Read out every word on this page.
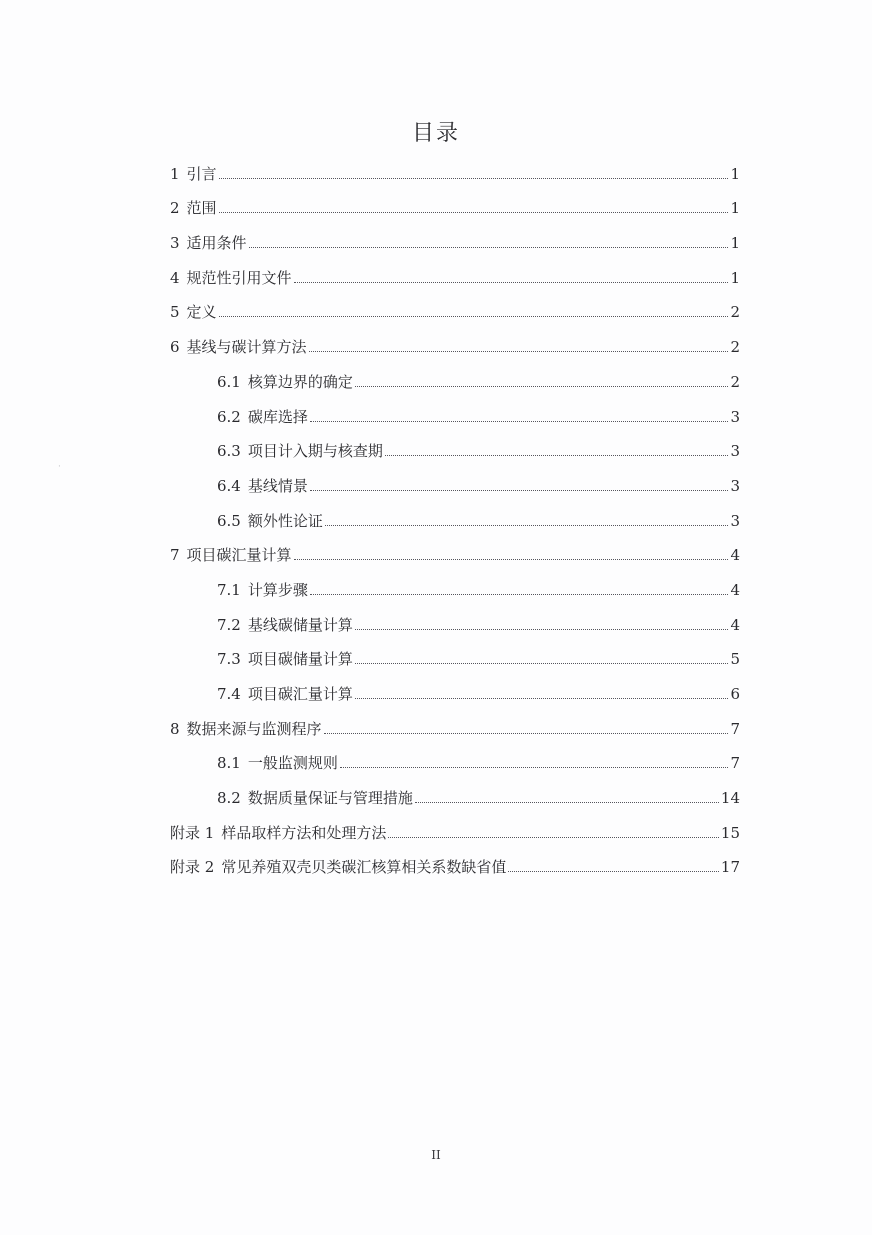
目录
1 引言	1
2 范围	1
3 适用条件	1
4 规范性引用文件	1
5 定义	2
6 基线与碳计算方法	2
6.1 核算边界的确定	2
6.2 碳库选择	3
6.3 项目计入期与核查期	3
6.4 基线情景	3
6.5 额外性论证	3
7 项目碳汇量计算	4
7.1 计算步骤	4
7.2 基线碳储量计算	4
7.3 项目碳储量计算	5
7.4 项目碳汇量计算	6
8 数据来源与监测程序	7
8.1 一般监测规则	7
8.2 数据质量保证与管理措施	14
附录 1 样品取样方法和处理方法	15
附录 2 常见养殖双壳贝类碳汇核算相关系数缺省值	17
II
·
